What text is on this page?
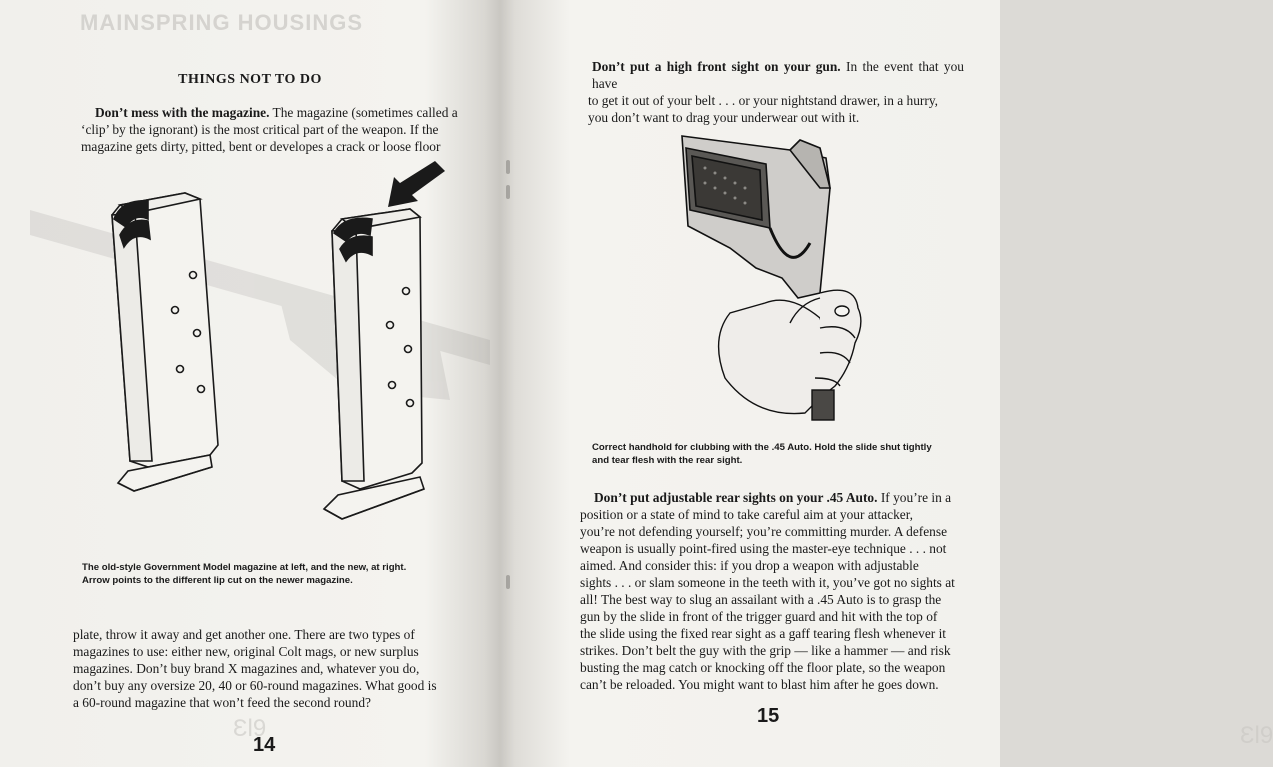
MAINSPRING HOUSINGS
THINGS NOT TO DO
Don’t mess with the magazine. The magazine (sometimes called a
‘clip’ by the ignorant) is the most critical part of the weapon. If the
magazine gets dirty, pitted, bent or developes a crack or loose floor
The old-style Government Model magazine at left, and the new, at right.
Arrow points to the different lip cut on the newer magazine.
plate, throw it away and get another one. There are two types of
magazines to use: either new, original Colt mags, or new surplus
magazines. Don’t buy brand X magazines and, whatever you do,
don’t buy any oversize 20, 40 or 60-round magazines. What good is
a 60-round magazine that won’t feed the second round?
ƐƖ9
14
Don’t put a high front sight on your gun. In the event that you have
to get it out of your belt . . . or your nightstand drawer, in a hurry,
you don’t want to drag your underwear out with it.
Correct handhold for clubbing with the .45 Auto. Hold the slide shut tightly
and tear flesh with the rear sight.
Don’t put adjustable rear sights on your .45 Auto. If you’re in a
position or a state of mind to take careful aim at your attacker,
you’re not defending yourself; you’re committing murder. A defense
weapon is usually point-fired using the master-eye technique . . . not
aimed. And consider this: if you drop a weapon with adjustable
sights . . . or slam someone in the teeth with it, you’ve got no sights at
all! The best way to slug an assailant with a .45 Auto is to grasp the
gun by the slide in front of the trigger guard and hit with the top of
the slide using the fixed rear sight as a gaff tearing flesh whenever it
strikes. Don’t belt the guy with the grip — like a hammer — and risk
busting the mag catch or knocking off the floor plate, so the weapon
can’t be reloaded. You might want to blast him after he goes down.
ƐƖ9
15
